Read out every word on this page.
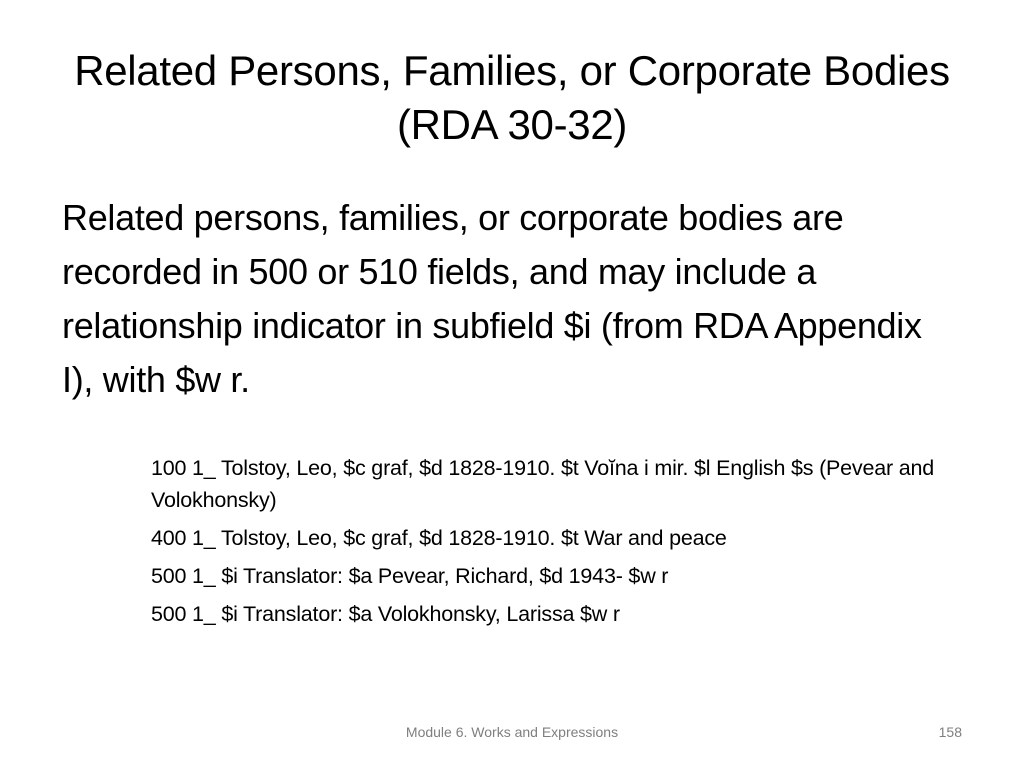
Related Persons, Families, or Corporate Bodies (RDA 30-32)

Related persons, families, or corporate bodies are recorded in 500 or 510 fields, and may include a relationship indicator in subfield $i (from RDA Appendix I), with $w r.

100 1_ Tolstoy, Leo, $c graf, $d 1828-1910. $t Voĭna i mir. $l English $s (Pevear and Volokhonsky)
400 1_ Tolstoy, Leo, $c graf, $d 1828-1910. $t War and peace
500 1_ $i Translator: $a Pevear, Richard, $d 1943- $w r
500 1_ $i Translator: $a Volokhonsky, Larissa $w r
Module 6. Works and Expressions	158
